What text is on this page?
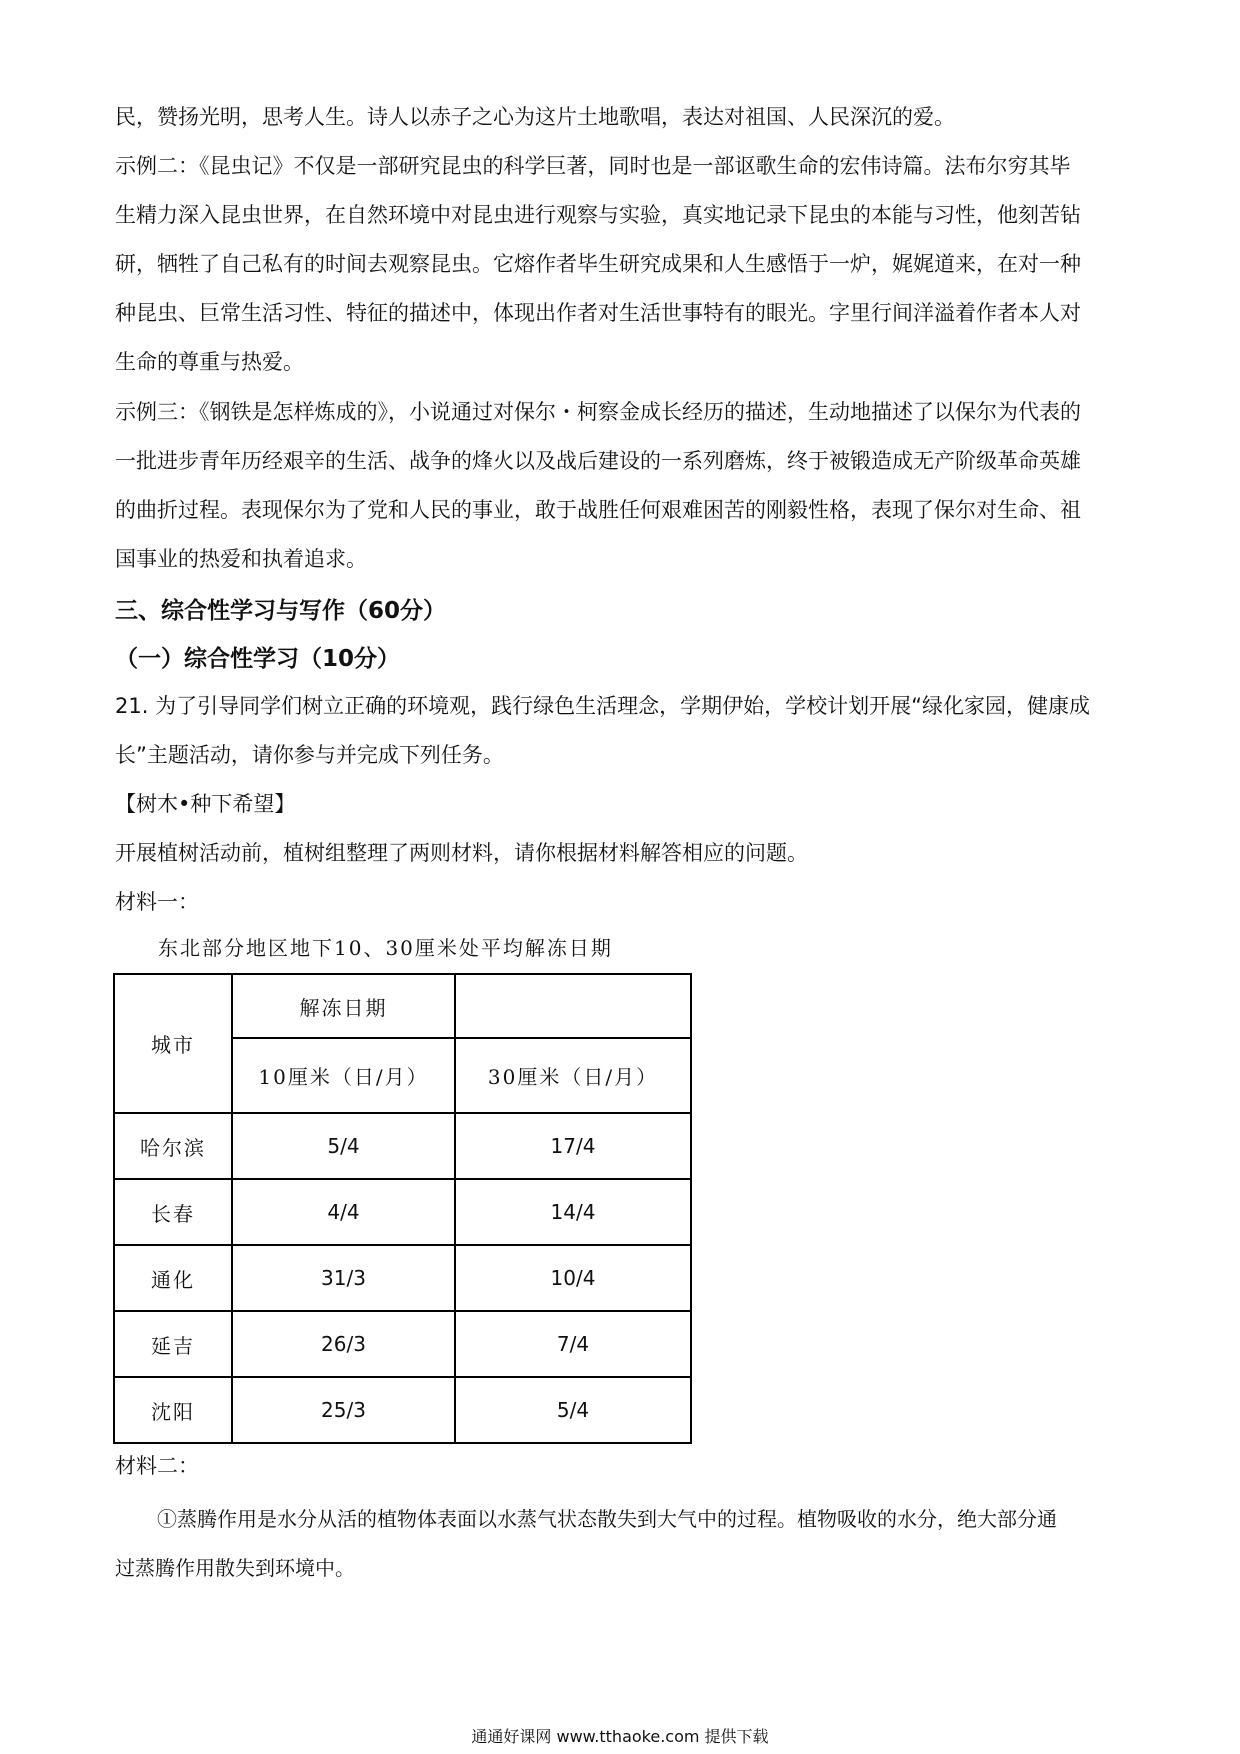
民，赞扬光明，思考人生。诗人以赤子之心为这片土地歌唱，表达对祖国、人民深沉的爱。

示例二：《昆虫记》不仅是一部研究昆虫的科学巨著，同时也是一部讴歌生命的宏伟诗篇。法布尔穷其毕
生精力深入昆虫世界，在自然环境中对昆虫进行观察与实验，真实地记录下昆虫的本能与习性，他刻苦钻
研，牺牲了自己私有的时间去观察昆虫。它熔作者毕生研究成果和人生感悟于一炉，娓娓道来，在对一种
种昆虫、巨常生活习性、特征的描述中，体现出作者对生活世事特有的眼光。字里行间洋溢着作者本人对
生命的尊重与热爱。

示例三：《钢铁是怎样炼成的》，小说通过对保尔・柯察金成长经历的描述，生动地描述了以保尔为代表的
一批进步青年历经艰辛的生活、战争的烽火以及战后建设的一系列磨炼，终于被锻造成无产阶级革命英雄
的曲折过程。表现保尔为了党和人民的事业，敢于战胜任何艰难困苦的刚毅性格，表现了保尔对生命、祖
国事业的热爱和执着追求。

三、综合性学习与写作（60分）
（一）综合性学习（10分）

21. 为了引导同学们树立正确的环境观，践行绿色生活理念，学期伊始，学校计划开展“绿化家园，健康成
长”主题活动，请你参与并完成下列任务。

【树木•种下希望】

开展植树活动前，植树组整理了两则材料，请你根据材料解答相应的问题。

材料一：

东北部分地区地下10、30厘米处平均解冻日期
城市	解冻日期	
	10厘米（日/月）	30厘米（日/月）
哈尔滨	5/4	17/4
长春	4/4	14/4
通化	31/3	10/4
延吉	26/3	7/4
沈阳	25/3	5/4

材料二：

①蒸腾作用是水分从活的植物体表面以水蒸气状态散失到大气中的过程。植物吸收的水分，绝大部分通
过蒸腾作用散失到环境中。

通通好课网 www.tthaoke.com 提供下载
